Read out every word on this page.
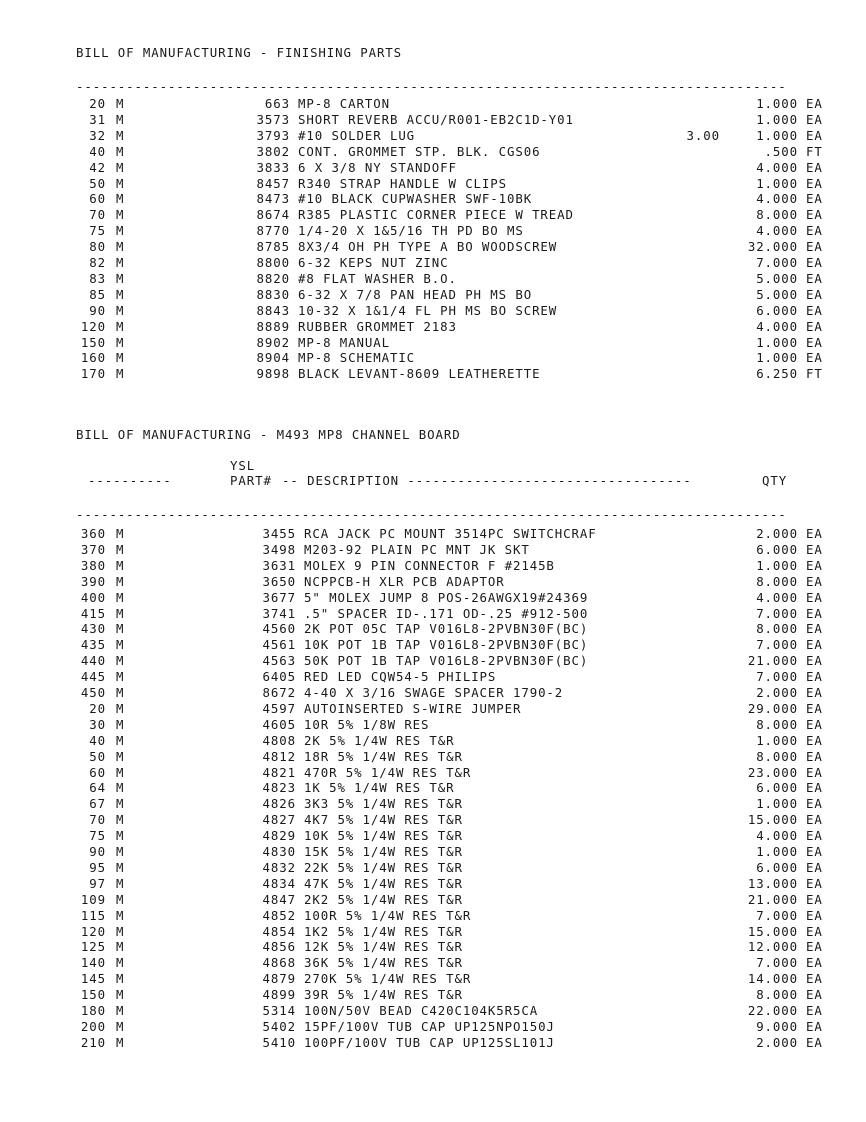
BILL OF MANUFACTURING - FINISHING PARTS
-------------------------------------------------------------------------------------
20 M	663 MP-8 CARTON	1.000 EA
31 M	3573 SHORT REVERB ACCU/R001-EB2C1D-Y01	1.000 EA
32 M	3793 #10 SOLDER LUG	3.00	1.000 EA
40 M	3802 CONT. GROMMET STP. BLK. CGS06	.500 FT
42 M	3833 6 X 3/8 NY STANDOFF	4.000 EA
50 M	8457 R340 STRAP HANDLE W CLIPS	1.000 EA
60 M	8473 #10 BLACK CUPWASHER SWF-10BK	4.000 EA
70 M	8674 R385 PLASTIC CORNER PIECE W TREAD	8.000 EA
75 M	8770 1/4-20 X 1&5/16 TH PD BO MS	4.000 EA
80 M	8785 8X3/4 OH PH TYPE A BO WOODSCREW	32.000 EA
82 M	8800 6-32 KEPS NUT ZINC	7.000 EA
83 M	8820 #8 FLAT WASHER B.O.	5.000 EA
85 M	8830 6-32 X 7/8 PAN HEAD PH MS BO	5.000 EA
90 M	8843 10-32 X 1&1/4 FL PH MS BO SCREW	6.000 EA
120 M	8889 RUBBER GROMMET 2183	4.000 EA
150 M	8902 MP-8 MANUAL	1.000 EA
160 M	8904 MP-8 SCHEMATIC	1.000 EA
170 M	9898 BLACK LEVANT-8609 LEATHERETTE	6.250 FT
BILL OF MANUFACTURING - M493 MP8 CHANNEL BOARD
YSL
----------	PART# -- DESCRIPTION ----------------------------------	QTY
-------------------------------------------------------------------------------------
360 M	3455 RCA JACK PC MOUNT 3514PC SWITCHCRAF	2.000 EA
370 M	3498 M203-92 PLAIN PC MNT JK SKT	6.000 EA
380 M	3631 MOLEX 9 PIN CONNECTOR F #2145B	1.000 EA
390 M	3650 NCPPCB-H XLR PCB ADAPTOR	8.000 EA
400 M	3677 5" MOLEX JUMP 8 POS-26AWGX19#24369	4.000 EA
415 M	3741 .5" SPACER ID-.171 OD-.25 #912-500	7.000 EA
430 M	4560 2K POT 05C TAP V016L8-2PVBN30F(BC)	8.000 EA
435 M	4561 10K POT 1B TAP V016L8-2PVBN30F(BC)	7.000 EA
440 M	4563 50K POT 1B TAP V016L8-2PVBN30F(BC)	21.000 EA
445 M	6405 RED LED CQW54-5 PHILIPS	7.000 EA
450 M	8672 4-40 X 3/16 SWAGE SPACER 1790-2	2.000 EA
20 M	4597 AUTOINSERTED S-WIRE JUMPER	29.000 EA
30 M	4605 10R 5% 1/8W RES	8.000 EA
40 M	4808 2K 5% 1/4W RES T&R	1.000 EA
50 M	4812 18R 5% 1/4W RES T&R	8.000 EA
60 M	4821 470R 5% 1/4W RES T&R	23.000 EA
64 M	4823 1K 5% 1/4W RES T&R	6.000 EA
67 M	4826 3K3 5% 1/4W RES T&R	1.000 EA
70 M	4827 4K7 5% 1/4W RES T&R	15.000 EA
75 M	4829 10K 5% 1/4W RES T&R	4.000 EA
90 M	4830 15K 5% 1/4W RES T&R	1.000 EA
95 M	4832 22K 5% 1/4W RES T&R	6.000 EA
97 M	4834 47K 5% 1/4W RES T&R	13.000 EA
109 M	4847 2K2 5% 1/4W RES T&R	21.000 EA
115 M	4852 100R 5% 1/4W RES T&R	7.000 EA
120 M	4854 1K2 5% 1/4W RES T&R	15.000 EA
125 M	4856 12K 5% 1/4W RES T&R	12.000 EA
140 M	4868 36K 5% 1/4W RES T&R	7.000 EA
145 M	4879 270K 5% 1/4W RES T&R	14.000 EA
150 M	4899 39R 5% 1/4W RES T&R	8.000 EA
180 M	5314 100N/50V BEAD C420C104K5R5CA	22.000 EA
200 M	5402 15PF/100V TUB CAP UP125NPO150J	9.000 EA
210 M	5410 100PF/100V TUB CAP UP125SL101J	2.000 EA
